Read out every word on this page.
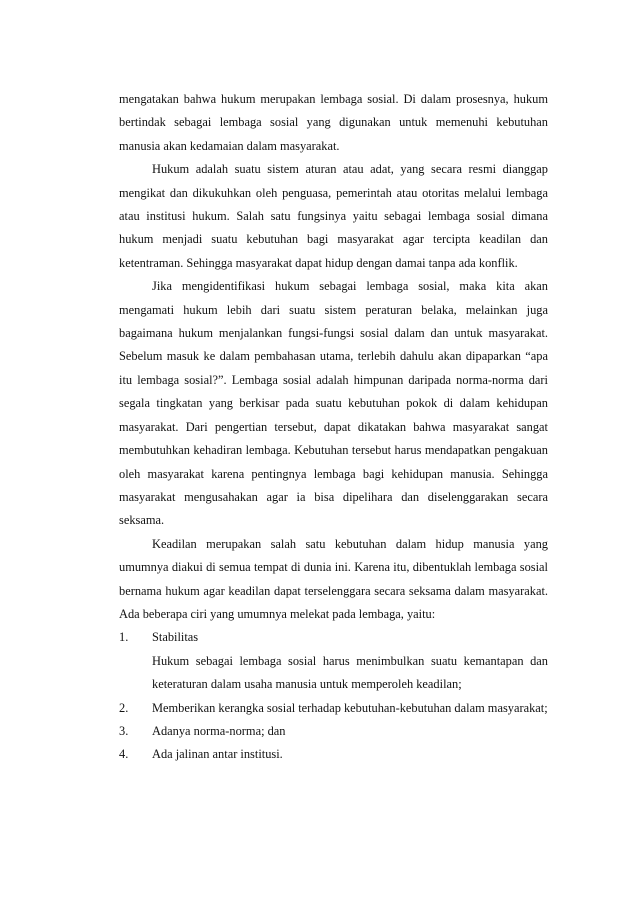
mengatakan bahwa hukum merupakan lembaga sosial. Di dalam prosesnya, hukum bertindak sebagai lembaga sosial yang digunakan untuk memenuhi kebutuhan manusia akan kedamaian dalam masyarakat.

Hukum adalah suatu sistem aturan atau adat, yang secara resmi dianggap mengikat dan dikukuhkan oleh penguasa, pemerintah atau otoritas melalui lembaga atau institusi hukum. Salah satu fungsinya yaitu sebagai lembaga sosial dimana hukum menjadi suatu kebutuhan bagi masyarakat agar tercipta keadilan dan ketentraman. Sehingga masyarakat dapat hidup dengan damai tanpa ada konflik.

Jika mengidentifikasi hukum sebagai lembaga sosial, maka kita akan mengamati hukum lebih dari suatu sistem peraturan belaka, melainkan juga bagaimana hukum menjalankan fungsi-fungsi sosial dalam dan untuk masyarakat. Sebelum masuk ke dalam pembahasan utama, terlebih dahulu akan dipaparkan “apa itu lembaga sosial?”. Lembaga sosial adalah himpunan daripada norma-norma dari segala tingkatan yang berkisar pada suatu kebutuhan pokok di dalam kehidupan masyarakat. Dari pengertian tersebut, dapat dikatakan bahwa masyarakat sangat membutuhkan kehadiran lembaga. Kebutuhan tersebut harus mendapatkan pengakuan oleh masyarakat karena pentingnya lembaga bagi kehidupan manusia. Sehingga masyarakat mengusahakan agar ia bisa dipelihara dan diselenggarakan secara seksama.

Keadilan merupakan salah satu kebutuhan dalam hidup manusia yang umumnya diakui di semua tempat di dunia ini. Karena itu, dibentuklah lembaga sosial bernama hukum agar keadilan dapat terselenggara secara seksama dalam masyarakat. Ada beberapa ciri yang umumnya melekat pada lembaga, yaitu:

1. Stabilitas
Hukum sebagai lembaga sosial harus menimbulkan suatu kemantapan dan keteraturan dalam usaha manusia untuk memperoleh keadilan;
2. Memberikan kerangka sosial terhadap kebutuhan-kebutuhan dalam masyarakat;
3. Adanya norma-norma; dan
4. Ada jalinan antar institusi.
